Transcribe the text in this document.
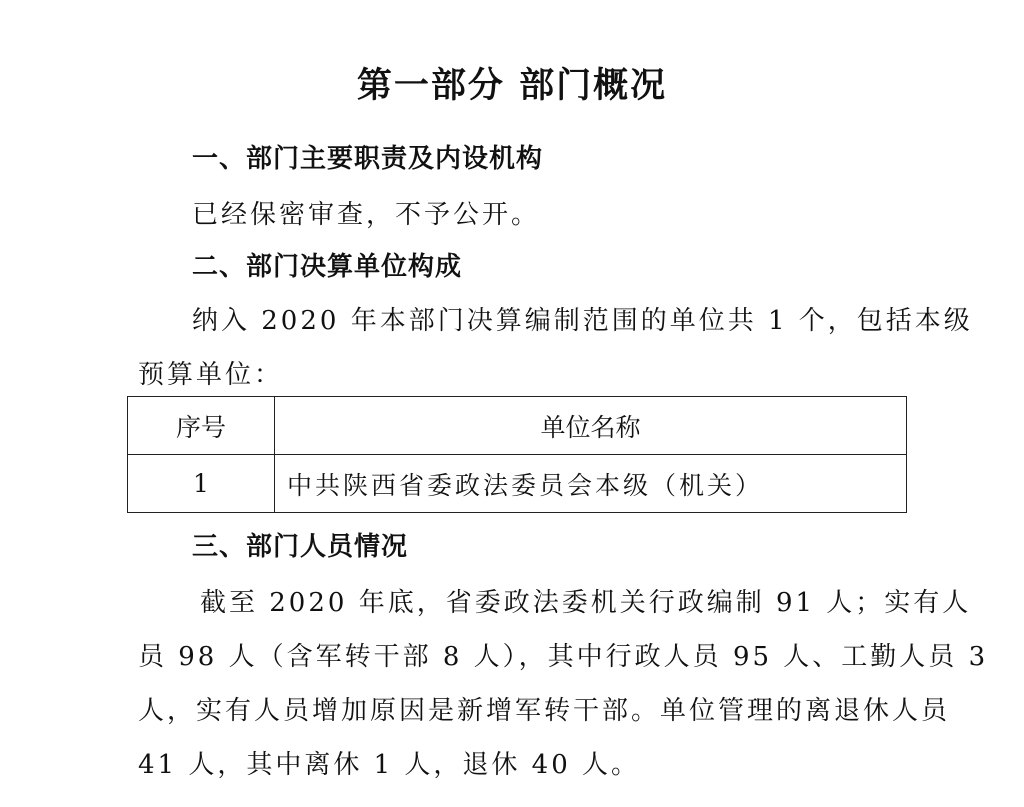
第一部分 部门概况
一、部门主要职责及内设机构
已经保密审查，不予公开。
二、部门决算单位构成
纳入 2020 年本部门决算编制范围的单位共 1 个，包括本级
预算单位：
序号	单位名称
1	中共陕西省委政法委员会本级（机关）
三、部门人员情况
截至 2020 年底，省委政法委机关行政编制 91 人；实有人
员 98 人（含军转干部 8 人），其中行政人员 95 人、工勤人员 3
人，实有人员增加原因是新增军转干部。单位管理的离退休人员
41 人，其中离休 1 人，退休 40 人。
